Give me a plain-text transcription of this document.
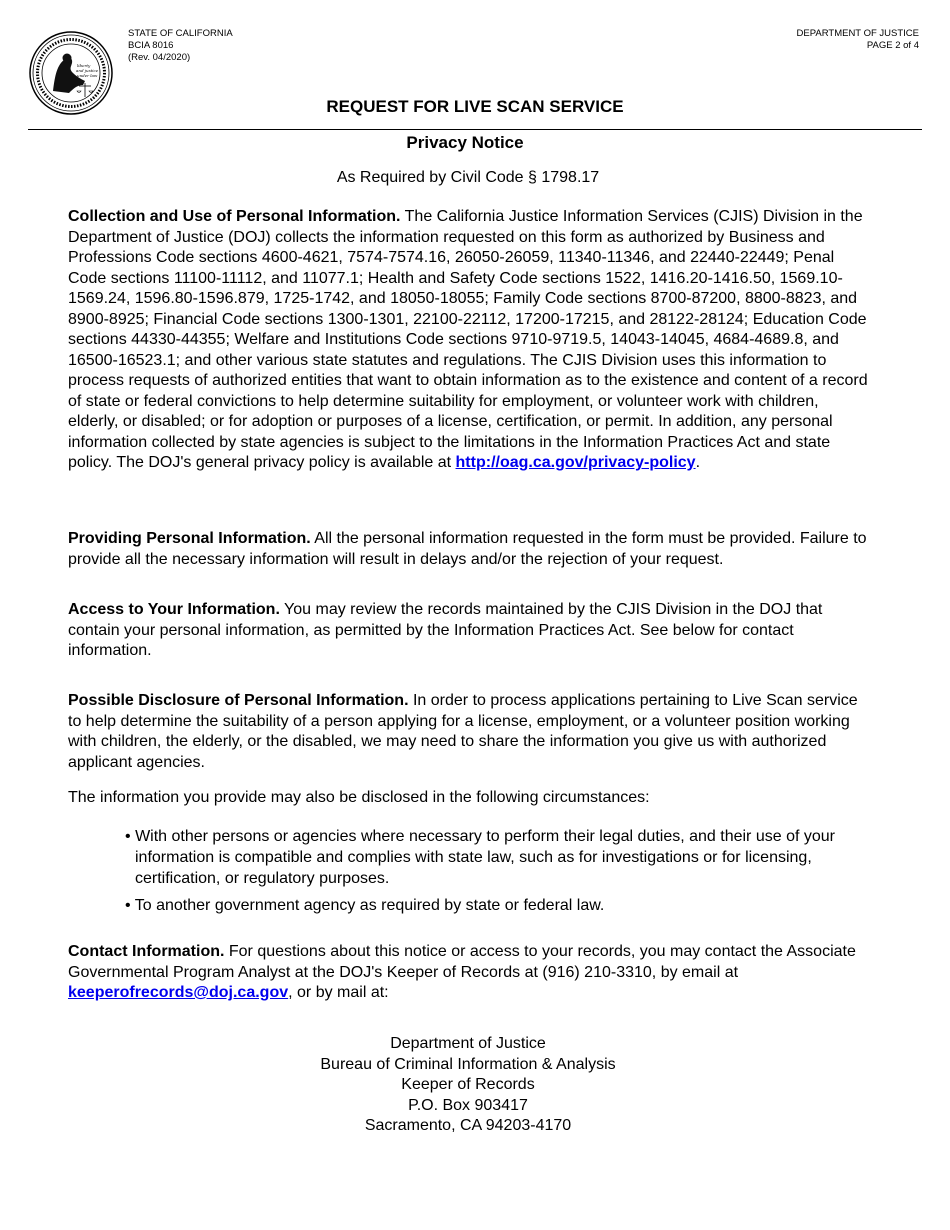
liberty
and justice
under law
STATE OF CALIFORNIA
BCIA 8016
(Rev. 04/2020)
DEPARTMENT OF JUSTICE
PAGE 2 of 4
REQUEST FOR LIVE SCAN SERVICE
Privacy Notice
As Required by Civil Code § 1798.17
Collection and Use of Personal Information. The California Justice Information Services (CJIS) Division in the Department of Justice (DOJ) collects the information requested on this form as authorized by Business and Professions Code sections 4600-4621, 7574-7574.16, 26050-26059, 11340-11346, and 22440-22449; Penal Code sections 11100-11112, and 11077.1; Health and Safety Code sections 1522, 1416.20-1416.50, 1569.10-1569.24, 1596.80-1596.879, 1725-1742, and 18050-18055; Family Code sections 8700-87200, 8800-8823, and 8900-8925; Financial Code sections 1300-1301, 22100-22112, 17200-17215, and 28122-28124; Education Code sections 44330-44355; Welfare and Institutions Code sections 9710-9719.5, 14043-14045, 4684-4689.8, and 16500-16523.1; and other various state statutes and regulations. The CJIS Division uses this information to process requests of authorized entities that want to obtain information as to the existence and content of a record of state or federal convictions to help determine suitability for employment, or volunteer work with children, elderly, or disabled; or for adoption or purposes of a license, certification, or permit. In addition, any personal information collected by state agencies is subject to the limitations in the Information Practices Act and state policy. The DOJ's general privacy policy is available at http://oag.ca.gov/privacy-policy.
Providing Personal Information. All the personal information requested in the form must be provided. Failure to provide all the necessary information will result in delays and/or the rejection of your request.
Access to Your Information. You may review the records maintained by the CJIS Division in the DOJ that contain your personal information, as permitted by the Information Practices Act. See below for contact information.
Possible Disclosure of Personal Information. In order to process applications pertaining to Live Scan service to help determine the suitability of a person applying for a license, employment, or a volunteer position working with children, the elderly, or the disabled, we may need to share the information you give us with authorized applicant agencies.
The information you provide may also be disclosed in the following circumstances:
• With other persons or agencies where necessary to perform their legal duties, and their use of your information is compatible and complies with state law, such as for investigations or for licensing, certification, or regulatory purposes.
• To another government agency as required by state or federal law.
Contact Information. For questions about this notice or access to your records, you may contact the Associate Governmental Program Analyst at the DOJ's Keeper of Records at (916) 210-3310, by email at keeperofrecords@doj.ca.gov, or by mail at:
Department of Justice
Bureau of Criminal Information & Analysis
Keeper of Records
P.O. Box 903417
Sacramento, CA 94203-4170
